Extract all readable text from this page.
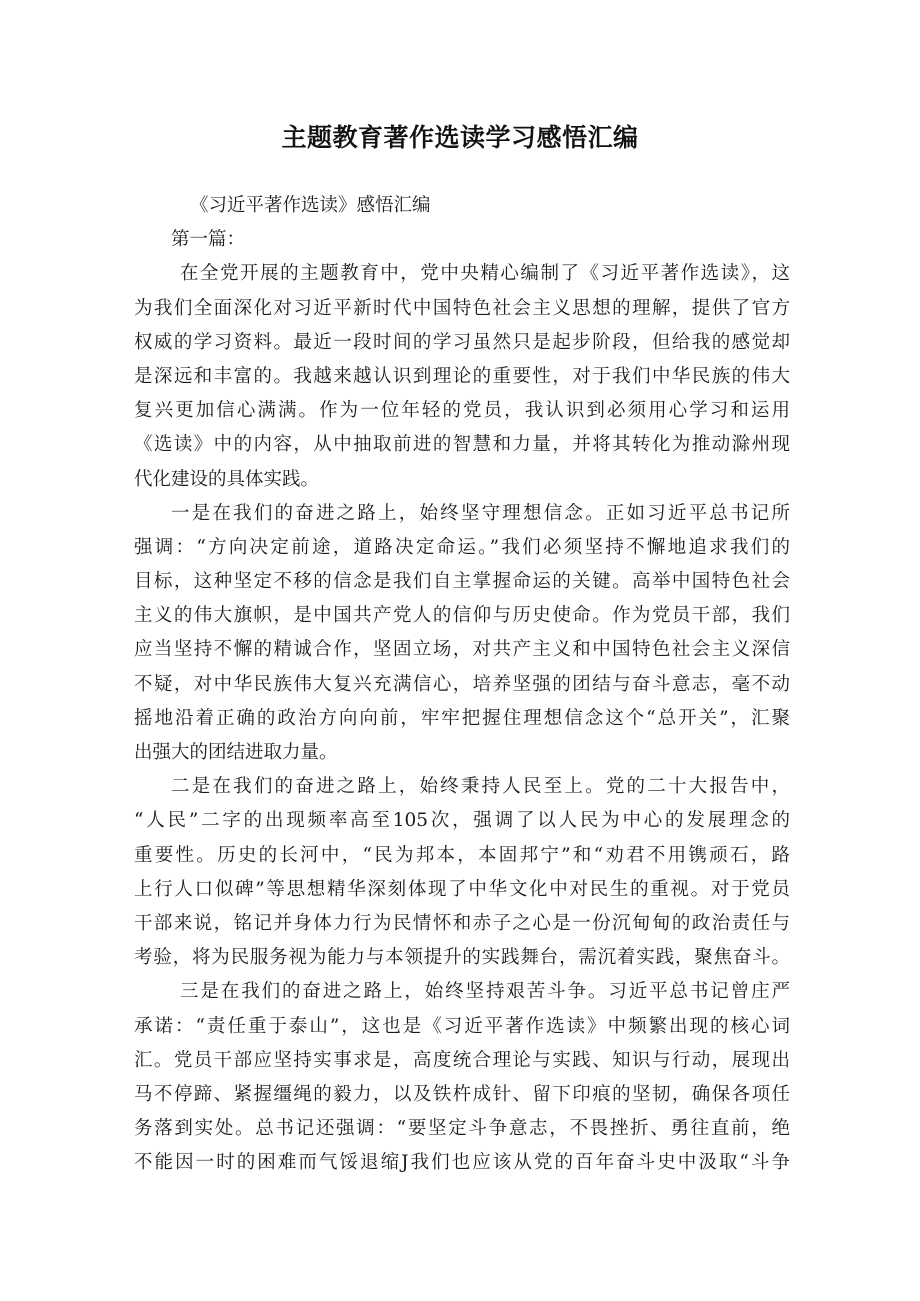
主题教育著作选读学习感悟汇编
《习近平著作选读》感悟汇编
第一篇：
在全党开展的主题教育中，党中央精心编制了《习近平著作选读》，这
为我们全面深化对习近平新时代中国特色社会主义思想的理解，提供了官方
权威的学习资料。最近一段时间的学习虽然只是起步阶段，但给我的感觉却
是深远和丰富的。我越来越认识到理论的重要性，对于我们中华民族的伟大
复兴更加信心满满。作为一位年轻的党员，我认识到必须用心学习和运用
《选读》中的内容，从中抽取前进的智慧和力量，并将其转化为推动滁州现
代化建设的具体实践。
一是在我们的奋进之路上，始终坚守理想信念。正如习近平总书记所
强调：“方向决定前途，道路决定命运。”我们必须坚持不懈地追求我们的
目标，这种坚定不移的信念是我们自主掌握命运的关键。高举中国特色社会
主义的伟大旗帜，是中国共产党人的信仰与历史使命。作为党员干部，我们
应当坚持不懈的精诚合作，坚固立场，对共产主义和中国特色社会主义深信
不疑，对中华民族伟大复兴充满信心，培养坚强的团结与奋斗意志，毫不动
摇地沿着正确的政治方向向前，牢牢把握住理想信念这个“总开关”，汇聚
出强大的团结进取力量。
二是在我们的奋进之路上，始终秉持人民至上。党的二十大报告中，
“人民”二字的出现频率高至105次，强调了以人民为中心的发展理念的
重要性。历史的长河中，“民为邦本，本固邦宁”和“劝君不用镌顽石，路
上行人口似碑”等思想精华深刻体现了中华文化中对民生的重视。对于党员
干部来说，铭记并身体力行为民情怀和赤子之心是一份沉甸甸的政治责任与
考验，将为民服务视为能力与本领提升的实践舞台，需沉着实践，聚焦奋斗。
三是在我们的奋进之路上，始终坚持艰苦斗争。习近平总书记曾庄严
承诺：“责任重于泰山”，这也是《习近平著作选读》中频繁出现的核心词
汇。党员干部应坚持实事求是，高度统合理论与实践、知识与行动，展现出
马不停蹄、紧握缰绳的毅力，以及铁杵成针、留下印痕的坚韧，确保各项任
务落到实处。总书记还强调：“要坚定斗争意志，不畏挫折、勇往直前，绝
不能因一时的困难而气馁退缩J我们也应该从党的百年奋斗史中汲取“斗争
